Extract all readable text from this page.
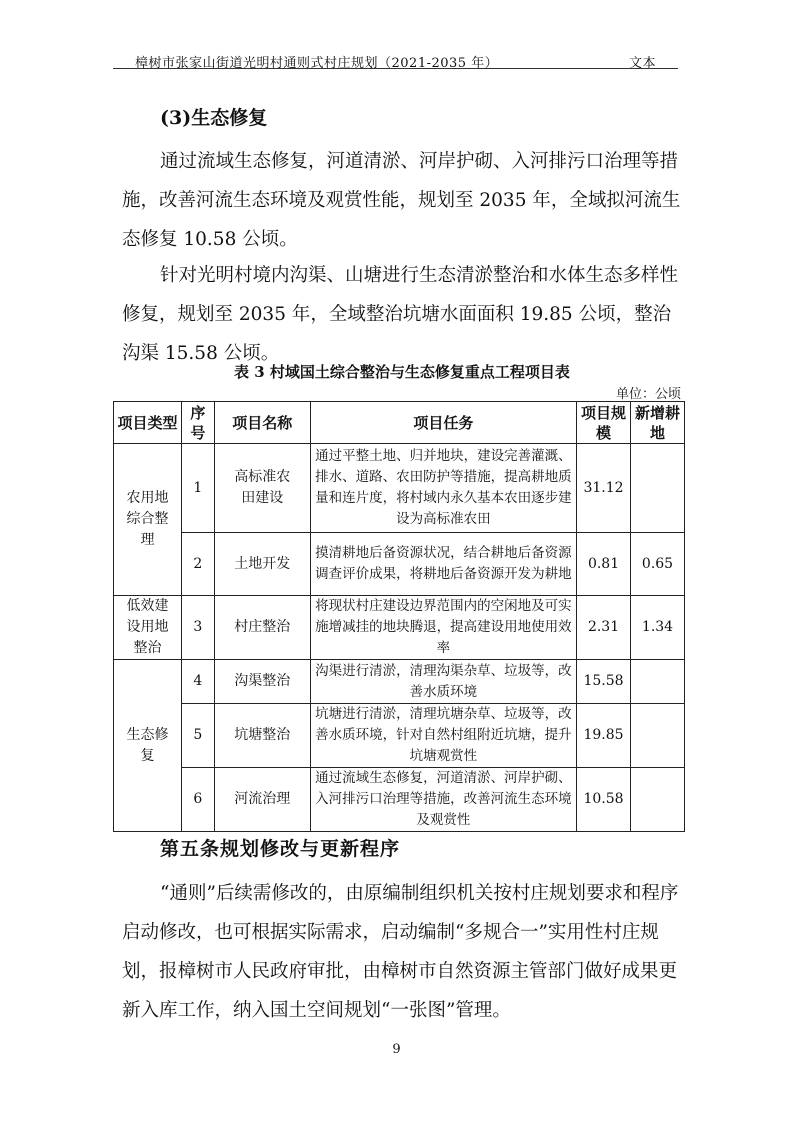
樟树市张家山街道光明村通则式村庄规划（2021-2035 年）	文本
(3)生态修复
通过流域生态修复，河道清淤、河岸护砌、入河排污口治理等措施，改善河流生态环境及观赏性能，规划至 2035 年，全域拟河流生态修复 10.58 公顷。
针对光明村境内沟渠、山塘进行生态清淤整治和水体生态多样性修复，规划至 2035 年，全域整治坑塘水面面积 19.85 公顷，整治沟渠 15.58 公顷。
表 3 村域国土综合整治与生态修复重点工程项目表
单位：公顷
项目类型	序号	项目名称	项目任务	项目规模	新增耕地
农用地综合整理	1	高标准农田建设	通过平整土地、归并地块，建设完善灌溉、排水、道路、农田防护等措施，提高耕地质量和连片度，将村域内永久基本农田逐步建设为高标准农田	31.12	
	2	土地开发	摸清耕地后备资源状况，结合耕地后备资源调查评价成果，将耕地后备资源开发为耕地	0.81	0.65
低效建设用地整治	3	村庄整治	将现状村庄建设边界范围内的空闲地及可实施增减挂的地块腾退，提高建设用地使用效率	2.31	1.34
生态修复	4	沟渠整治	沟渠进行清淤，清理沟渠杂草、垃圾等，改善水质环境	15.58	
	5	坑塘整治	坑塘进行清淤，清理坑塘杂草、垃圾等，改善水质环境，针对自然村组附近坑塘，提升坑塘观赏性	19.85	
	6	河流治理	通过流域生态修复，河道清淤、河岸护砌、入河排污口治理等措施，改善河流生态环境及观赏性	10.58	
第五条规划修改与更新程序
“通则”后续需修改的，由原编制组织机关按村庄规划要求和程序启动修改，也可根据实际需求，启动编制“多规合一”实用性村庄规划，报樟树市人民政府审批，由樟树市自然资源主管部门做好成果更新入库工作，纳入国土空间规划“一张图”管理。
9
